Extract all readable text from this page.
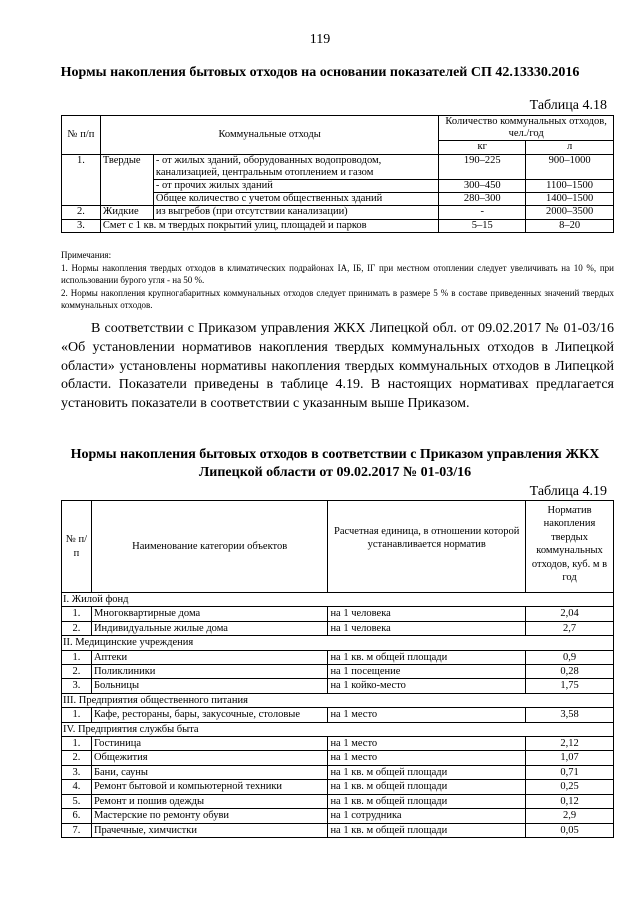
119
Нормы накопления бытовых отходов на основании показателей СП 42.13330.2016
Таблица 4.18
№ п/п	Коммунальные отходы		Количество коммунальных отходов, чел./год	
			кг	л
1.	Твердые	- от жилых зданий, оборудованных водопроводом, канализацией, центральным отоплением и газом	190–225	900–1000
		- от прочих жилых зданий	300–450	1100–1500
		Общее количество с учетом общественных зданий	280–300	1400–1500
2.	Жидкие	из выгребов (при отсутствии канализации)	-	2000–3500
3.	Смет с 1 кв. м твердых покрытий улиц, площадей и парков		5–15	8–20
Примечания:
1. Нормы накопления твердых отходов в климатических подрайонах IA, IБ, IГ при местном отоплении следует увеличивать на 10 %, при использовании бурого угля - на 50 %.
2. Нормы накопления крупногабаритных коммунальных отходов следует принимать в размере 5 % в составе приведенных значений твердых коммунальных отходов.
В соответствии с Приказом управления ЖКХ Липецкой обл. от 09.02.2017 № 01-03/16 «Об установлении нормативов накопления твердых коммунальных отходов в Липецкой области» установлены нормативы накопления твердых коммунальных отходов в Липецкой области. Показатели приведены в таблице 4.19. В настоящих нормативах предлагается установить показатели в соответствии с указанным выше Приказом.
Нормы накопления бытовых отходов в соответствии с Приказом управления ЖКХ Липецкой области от 09.02.2017 № 01-03/16
Таблица 4.19
№ п/п	Наименование категории объектов	Расчетная единица, в отношении которой устанавливается норматив	Норматив накопления твердых коммунальных отходов, куб. м в год
I. Жилой фонд			
1.	Многоквартирные дома	на 1 человека	2,04
2.	Индивидуальные жилые дома	на 1 человека	2,7
II. Медицинские учреждения			
1.	Аптеки	на 1 кв. м общей площади	0,9
2.	Поликлиники	на 1 посещение	0,28
3.	Больницы	на 1 койко-место	1,75
III. Предприятия общественного питания			
1.	Кафе, рестораны, бары, закусочные, столовые	на 1 место	3,58
IV. Предприятия службы быта			
1.	Гостиница	на 1 место	2,12
2.	Общежития	на 1 место	1,07
3.	Бани, сауны	на 1 кв. м общей площади	0,71
4.	Ремонт бытовой и компьютерной техники	на 1 кв. м общей площади	0,25
5.	Ремонт и пошив одежды	на 1 кв. м общей площади	0,12
6.	Мастерские по ремонту обуви	на 1 сотрудника	2,9
7.	Прачечные, химчистки	на 1 кв. м общей площади	0,05
